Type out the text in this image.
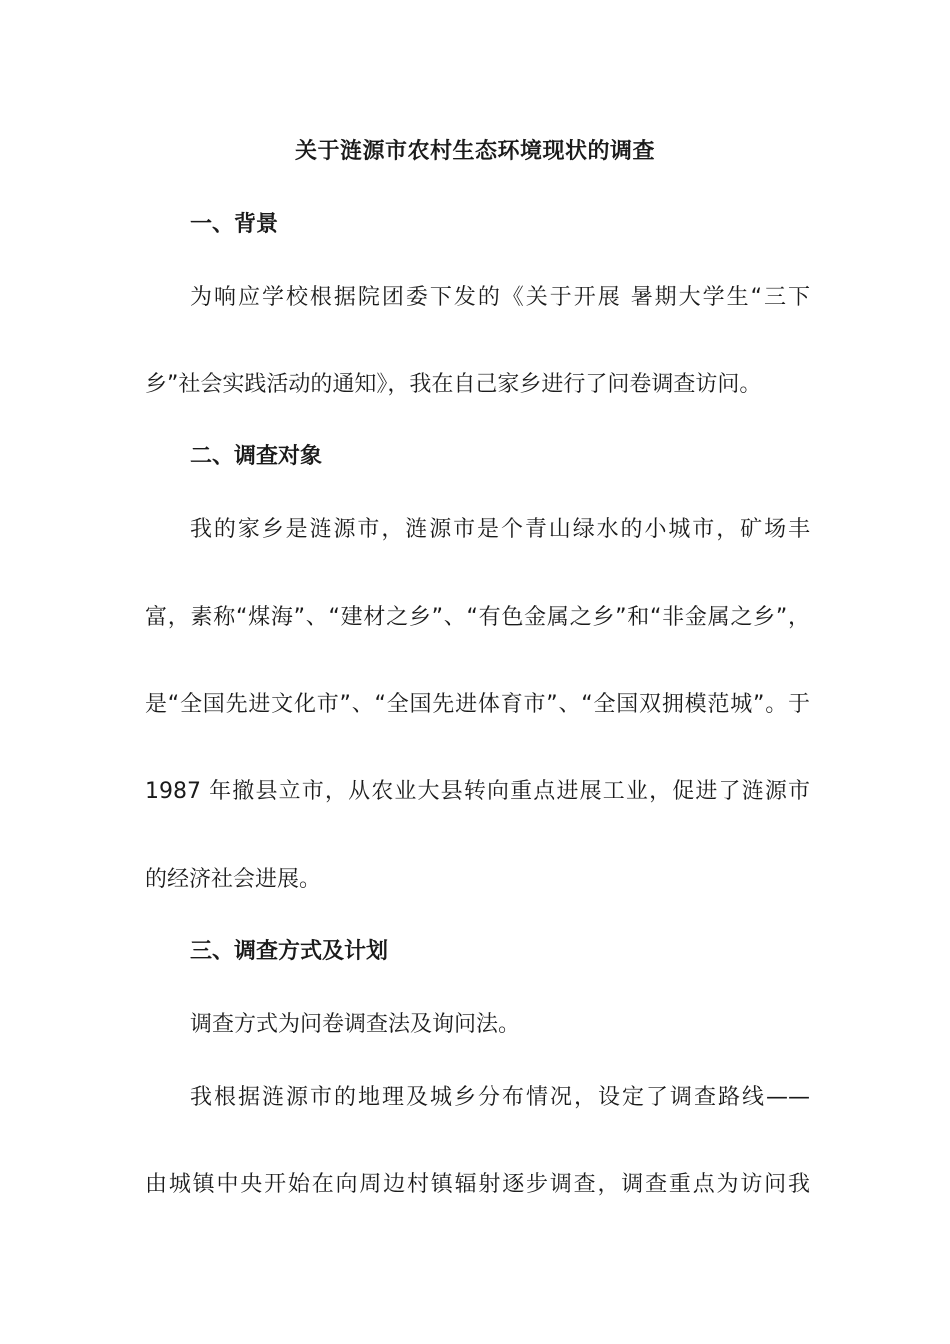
关于涟源市农村生态环境现状的调查
一、背景
为响应学校根据院团委下发的《关于开展 暑期大学生“三下
乡”社会实践活动的通知》，我在自己家乡进行了问卷调查访问。
二、调查对象
我的家乡是涟源市，涟源市是个青山绿水的小城市，矿场丰
富，素称“煤海”、“建材之乡”、“有色金属之乡”和“非金属之乡”，
是“全国先进文化市”、“全国先进体育市”、“全国双拥模范城”。于
1987 年撤县立市，从农业大县转向重点进展工业，促进了涟源市
的经济社会进展。
三、调查方式及计划
调查方式为问卷调查法及询问法。
我根据涟源市的地理及城乡分布情况，设定了调查路线——
由城镇中央开始在向周边村镇辐射逐步调查，调查重点为访问我
